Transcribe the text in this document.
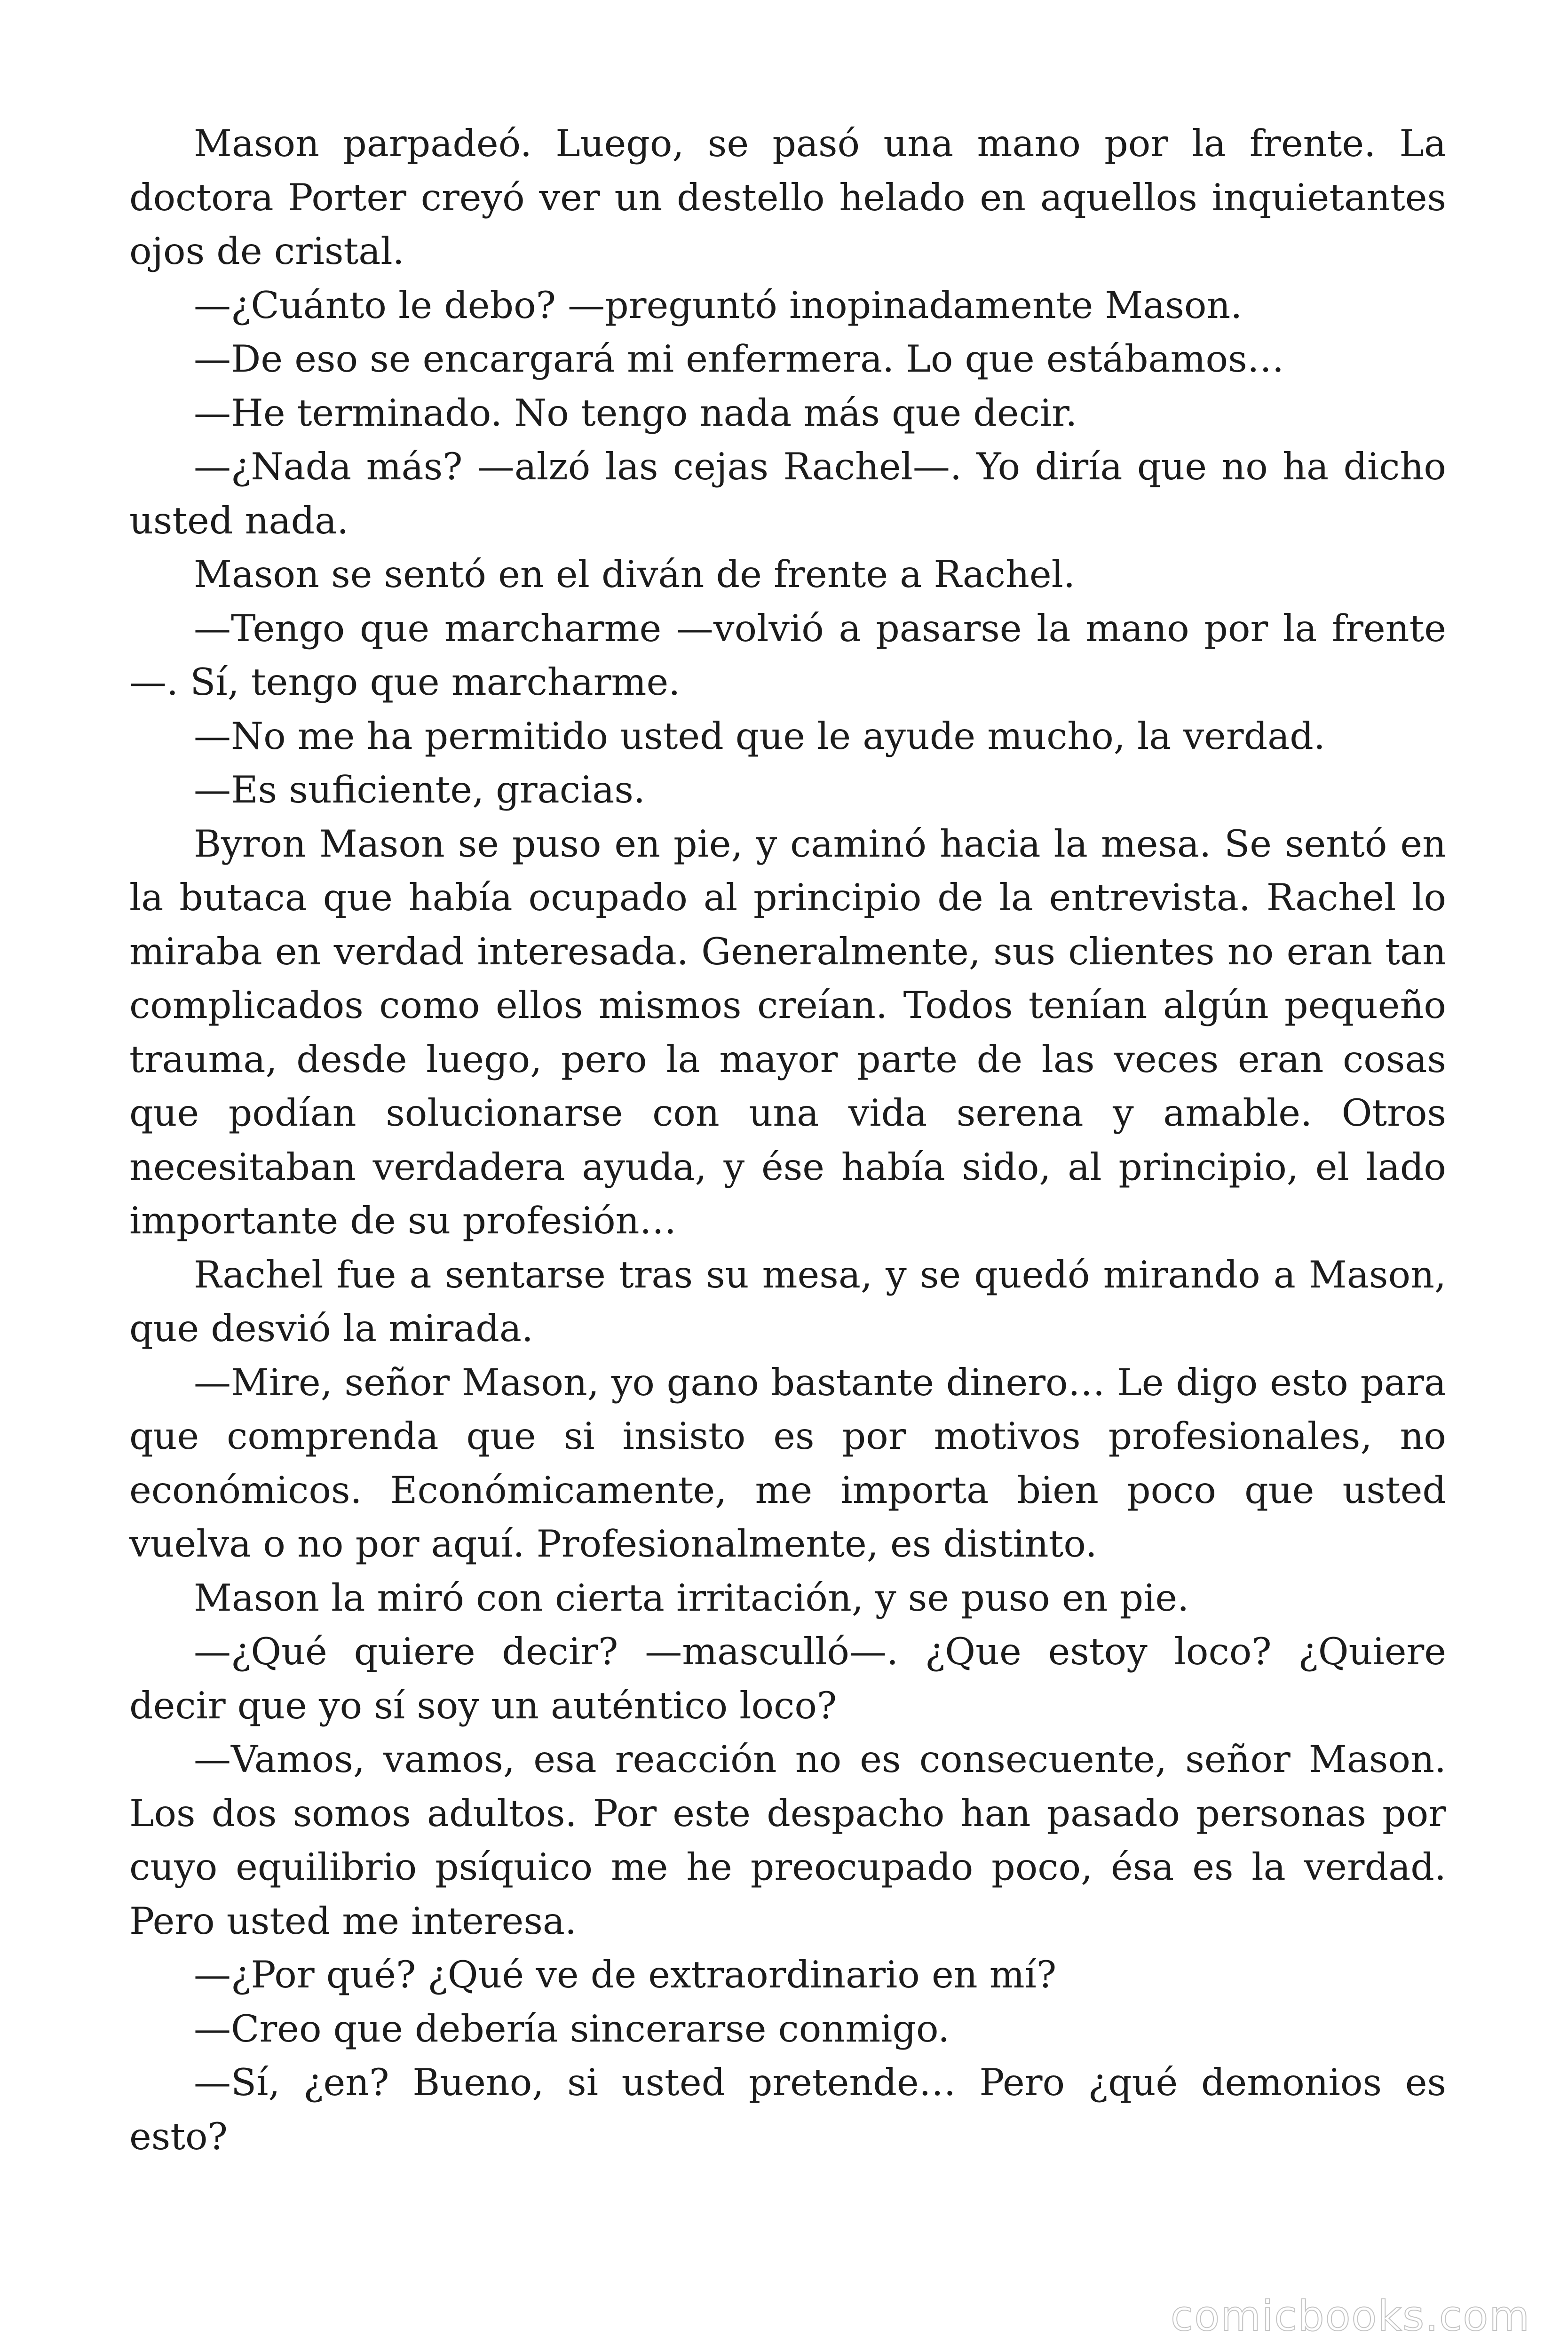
Mason parpadeó. Luego, se pasó una mano por la frente. La doctora Porter creyó ver un destello helado en aquellos inquietantes ojos de cristal.

—¿Cuánto le debo? —preguntó inopinadamente Mason.

—De eso se encargará mi enfermera. Lo que estábamos…

—He terminado. No tengo nada más que decir.

—¿Nada más? —alzó las cejas Rachel—. Yo diría que no ha dicho usted nada.

Mason se sentó en el diván de frente a Rachel.

—Tengo que marcharme —volvió a pasarse la mano por la frente—. Sí, tengo que marcharme.

—No me ha permitido usted que le ayude mucho, la verdad.

—Es suficiente, gracias.

Byron Mason se puso en pie, y caminó hacia la mesa. Se sentó en la butaca que había ocupado al principio de la entrevista. Rachel lo miraba en verdad interesada. Generalmente, sus clientes no eran tan complicados como ellos mismos creían. Todos tenían algún pequeño trauma, desde luego, pero la mayor parte de las veces eran cosas que podían solucionarse con una vida serena y amable. Otros necesitaban verdadera ayuda, y ése había sido, al principio, el lado importante de su profesión…

Rachel fue a sentarse tras su mesa, y se quedó mirando a Mason, que desvió la mirada.

—Mire, señor Mason, yo gano bastante dinero… Le digo esto para que comprenda que si insisto es por motivos profesionales, no económicos. Económicamente, me importa bien poco que usted vuelva o no por aquí. Profesionalmente, es distinto.

Mason la miró con cierta irritación, y se puso en pie.

—¿Qué quiere decir? —masculló—. ¿Que estoy loco? ¿Quiere decir que yo sí soy un auténtico loco?

—Vamos, vamos, esa reacción no es consecuente, señor Mason. Los dos somos adultos. Por este despacho han pasado personas por cuyo equilibrio psíquico me he preocupado poco, ésa es la verdad. Pero usted me interesa.

—¿Por qué? ¿Qué ve de extraordinario en mí?

—Creo que debería sincerarse conmigo.

—Sí, ¿en? Bueno, si usted pretende… Pero ¿qué demonios es esto?

comicbooks.com
